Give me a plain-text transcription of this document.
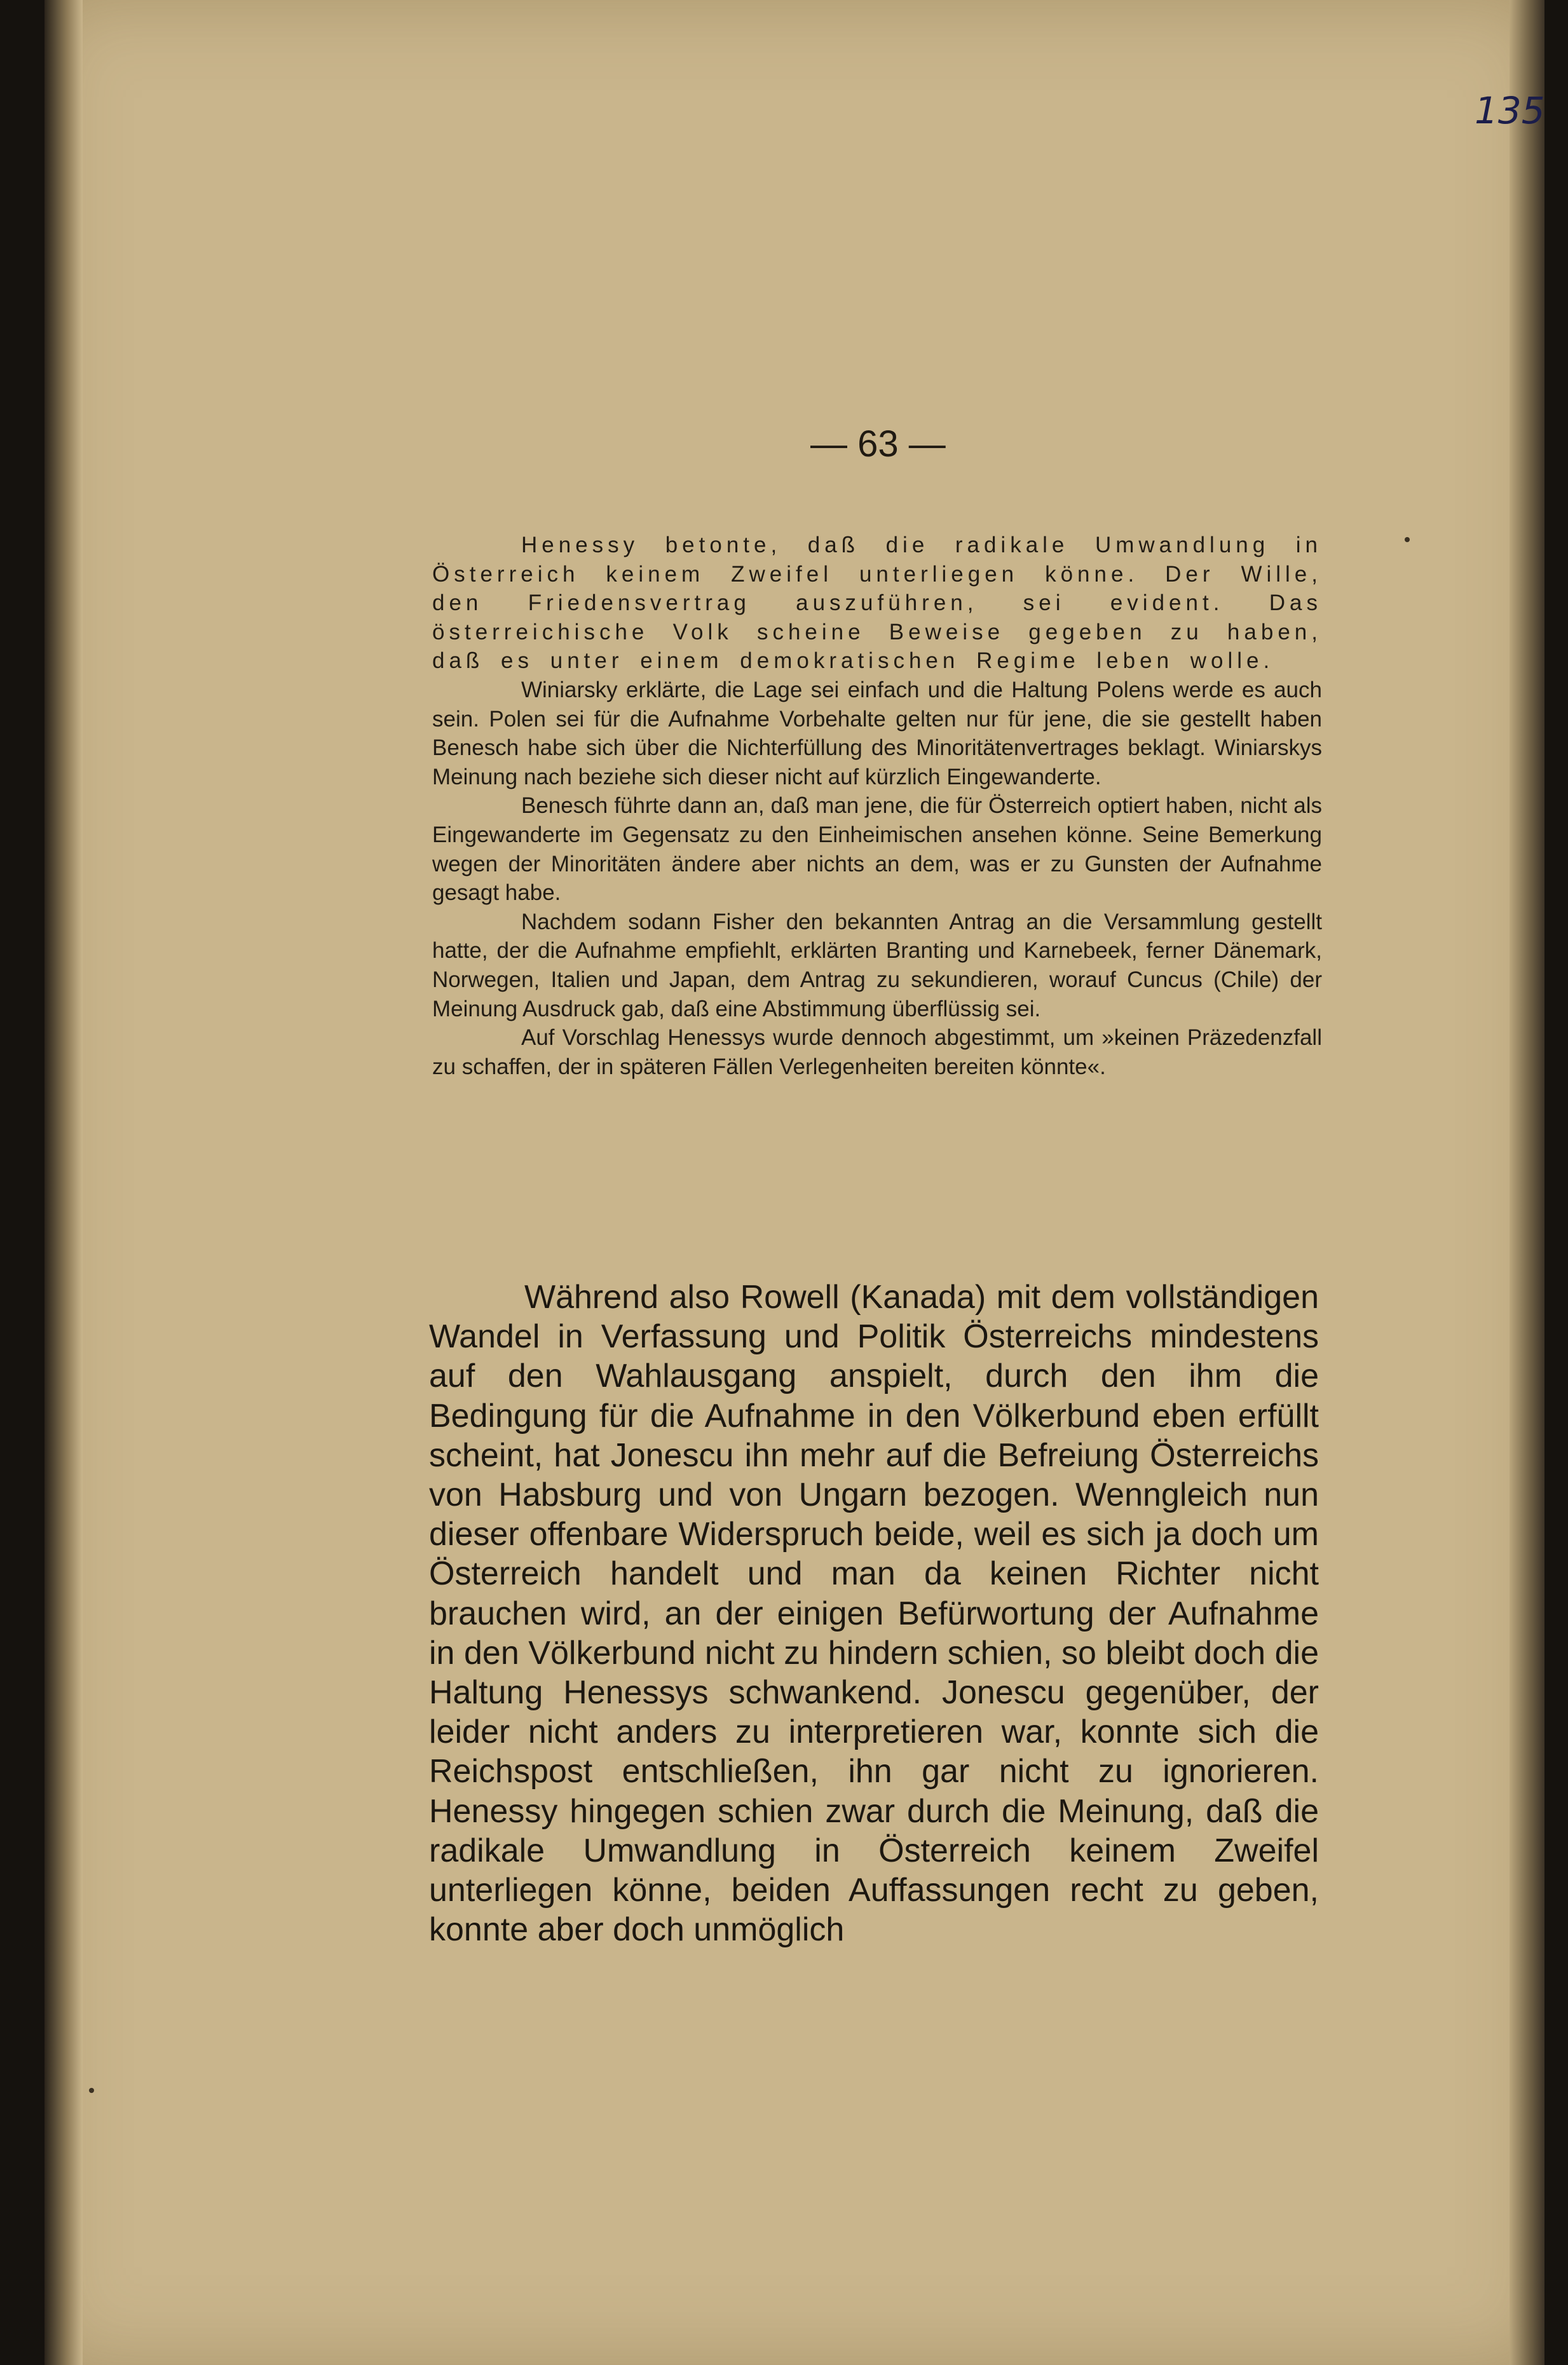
135
— 63 —

Henessy betonte, daß die radikale Umwandlung in Österreich keinem Zweifel unterliegen könne. Der Wille, den Friedensvertrag auszuführen, sei evident. Das österreichische Volk scheine Beweise gegeben zu haben, daß es unter einem demokratischen Regime leben wolle.

Winiarsky erklärte, die Lage sei einfach und die Haltung Polens werde es auch sein. Polen sei für die Aufnahme Vorbehalte gelten nur für jene, die sie gestellt haben Benesch habe sich über die Nichterfüllung des Minoritätenvertrages beklagt. Winiarskys Meinung nach beziehe sich dieser nicht auf kürzlich Eingewanderte.

Benesch führte dann an, daß man jene, die für Österreich optiert haben, nicht als Eingewanderte im Gegensatz zu den Einheimischen ansehen könne. Seine Bemerkung wegen der Minoritäten ändere aber nichts an dem, was er zu Gunsten der Aufnahme gesagt habe.

Nachdem sodann Fisher den bekannten Antrag an die Versammlung gestellt hatte, der die Aufnahme empfiehlt, erklärten Branting und Karnebeek, ferner Dänemark, Norwegen, Italien und Japan, dem Antrag zu sekundieren, worauf Cuncus (Chile) der Meinung Ausdruck gab, daß eine Abstimmung überflüssig sei.

Auf Vorschlag Henessys wurde dennoch abgestimmt, um »keinen Präzedenzfall zu schaffen, der in späteren Fällen Verlegenheiten bereiten könnte«.

Während also Rowell (Kanada) mit dem vollständigen Wandel in Verfassung und Politik Österreichs mindestens auf den Wahlausgang anspielt, durch den ihm die Bedingung für die Aufnahme in den Völkerbund eben erfüllt scheint, hat Jonescu ihn mehr auf die Befreiung Österreichs von Habsburg und von Ungarn bezogen. Wenngleich nun dieser offenbare Widerspruch beide, weil es sich ja doch um Österreich handelt und man da keinen Richter nicht brauchen wird, an der einigen Befürwortung der Aufnahme in den Völkerbund nicht zu hindern schien, so bleibt doch die Haltung Henessys schwankend. Jonescu gegenüber, der leider nicht anders zu interpretieren war, konnte sich die Reichspost entschließen, ihn gar nicht zu ignorieren. Henessy hingegen schien zwar durch die Meinung, daß die radikale Umwandlung in Österreich keinem Zweifel unterliegen könne, beiden Auffassungen recht zu geben, konnte aber doch unmöglich
